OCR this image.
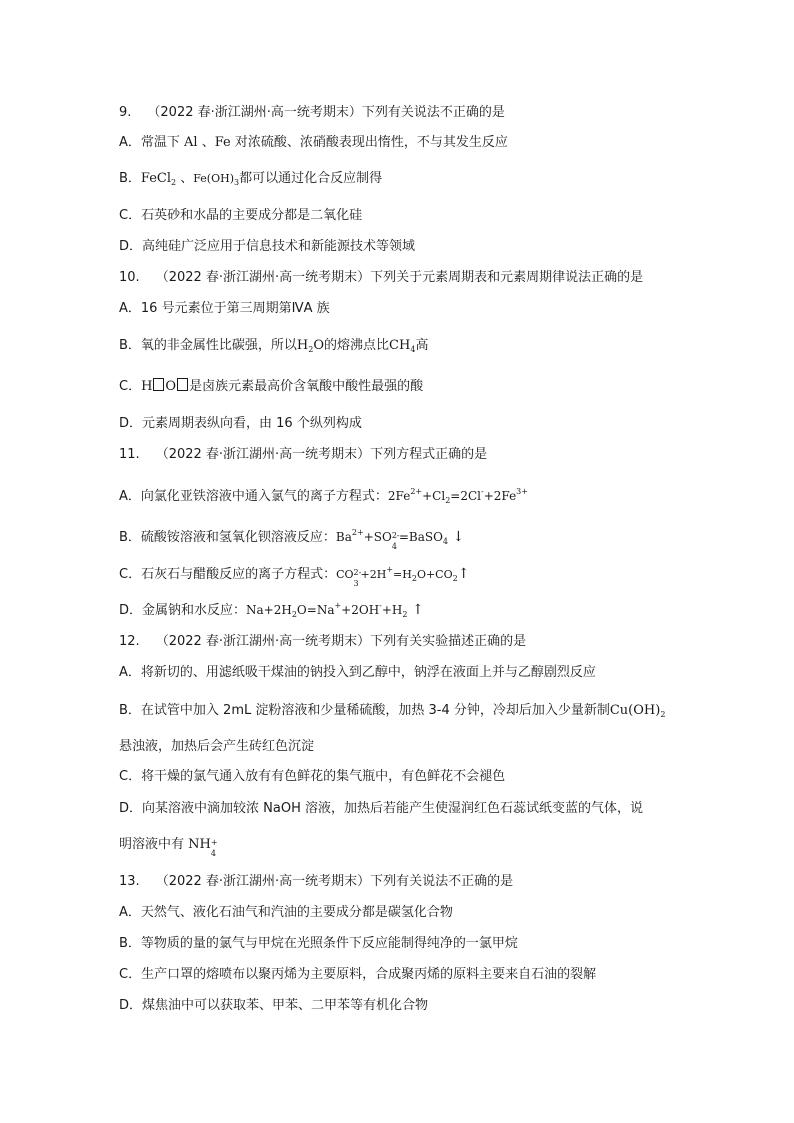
9. （2022 春·浙江湖州·高一统考期末）下列有关说法不正确的是
A．常温下 Al 、Fe 对浓硫酸、浓硝酸表现出惰性，不与其发生反应
B．FeCl$_2$ 、$Fe(OH)_3$都可以通过化合反应制得
C．石英砂和水晶的主要成分都是二氧化硅
D．高纯硅广泛应用于信息技术和新能源技术等领域
10. （2022 春·浙江湖州·高一统考期末）下列关于元素周期表和元素周期律说法正确的是
A．16 号元素位于第三周期第ⅣA 族
B．氧的非金属性比碳强，所以$H_2O$的熔沸点比$CH_4$高
C．H O 是卤族元素最高价含氧酸中酸性最强的酸
D．元素周期表纵向看，由 16 个纵列构成
11. （2022 春·浙江湖州·高一统考期末）下列方程式正确的是
A．向氯化亚铁溶液中通入氯气的离子方程式：$2Fe^{2+}+Cl_2=2Cl^-+2Fe^{3+}$
B．硫酸铵溶液和氢氧化钡溶液反应：$Ba^{2+}+SO$ 2-
4
=BaSO$_4$ ↓
C．石灰石与醋酸反应的离子方程式：CO 2-
3
$+2H^+=H_2O+CO_2↑$
D．金属钠和水反应：$Na+2H_2O=Na^++2OH^-+H_2$ ↑
12. （2022 春·浙江湖州·高一统考期末）下列有关实验描述正确的是
A．将新切的、用滤纸吸干煤油的钠投入到乙醇中，钠浮在液面上并与乙醇剧烈反应
B．在试管中加入 2mL 淀粉溶液和少量稀硫酸，加热 3-4 分钟，冷却后加入少量新制$Cu(OH)_2$
悬浊液，加热后会产生砖红色沉淀
C．将干燥的氯气通入放有有色鲜花的集气瓶中，有色鲜花不会褪色
D．向某溶液中滴加较浓 NaOH 溶液，加热后若能产生使湿润红色石蕊试纸变蓝的气体，说
明溶液中有 NH +
4
13. （2022 春·浙江湖州·高一统考期末）下列有关说法不正确的是
A．天然气、液化石油气和汽油的主要成分都是碳氢化合物
B．等物质的量的氯气与甲烷在光照条件下反应能制得纯净的一氯甲烷
C．生产口罩的熔喷布以聚丙烯为主要原料，合成聚丙烯的原料主要来自石油的裂解
D．煤焦油中可以获取苯、甲苯、二甲苯等有机化合物
